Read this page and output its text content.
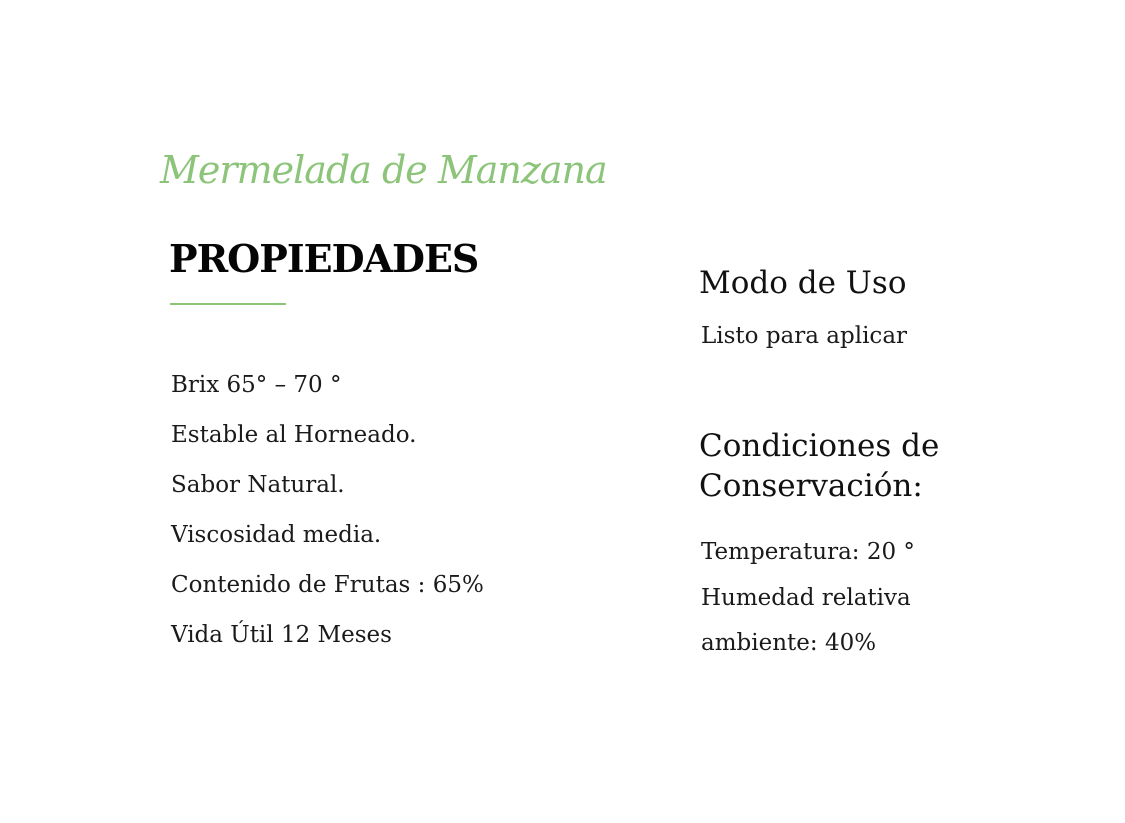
Mermelada de Manzana
PROPIEDADES
Brix 65° – 70 °
Estable al Horneado.
Sabor Natural.
Viscosidad media.
Contenido de Frutas : 65%
Vida Útil 12 Meses
Modo de Uso
Listo para aplicar
Condiciones de
Conservación:
Temperatura: 20 °
Humedad relativa
ambiente: 40%
